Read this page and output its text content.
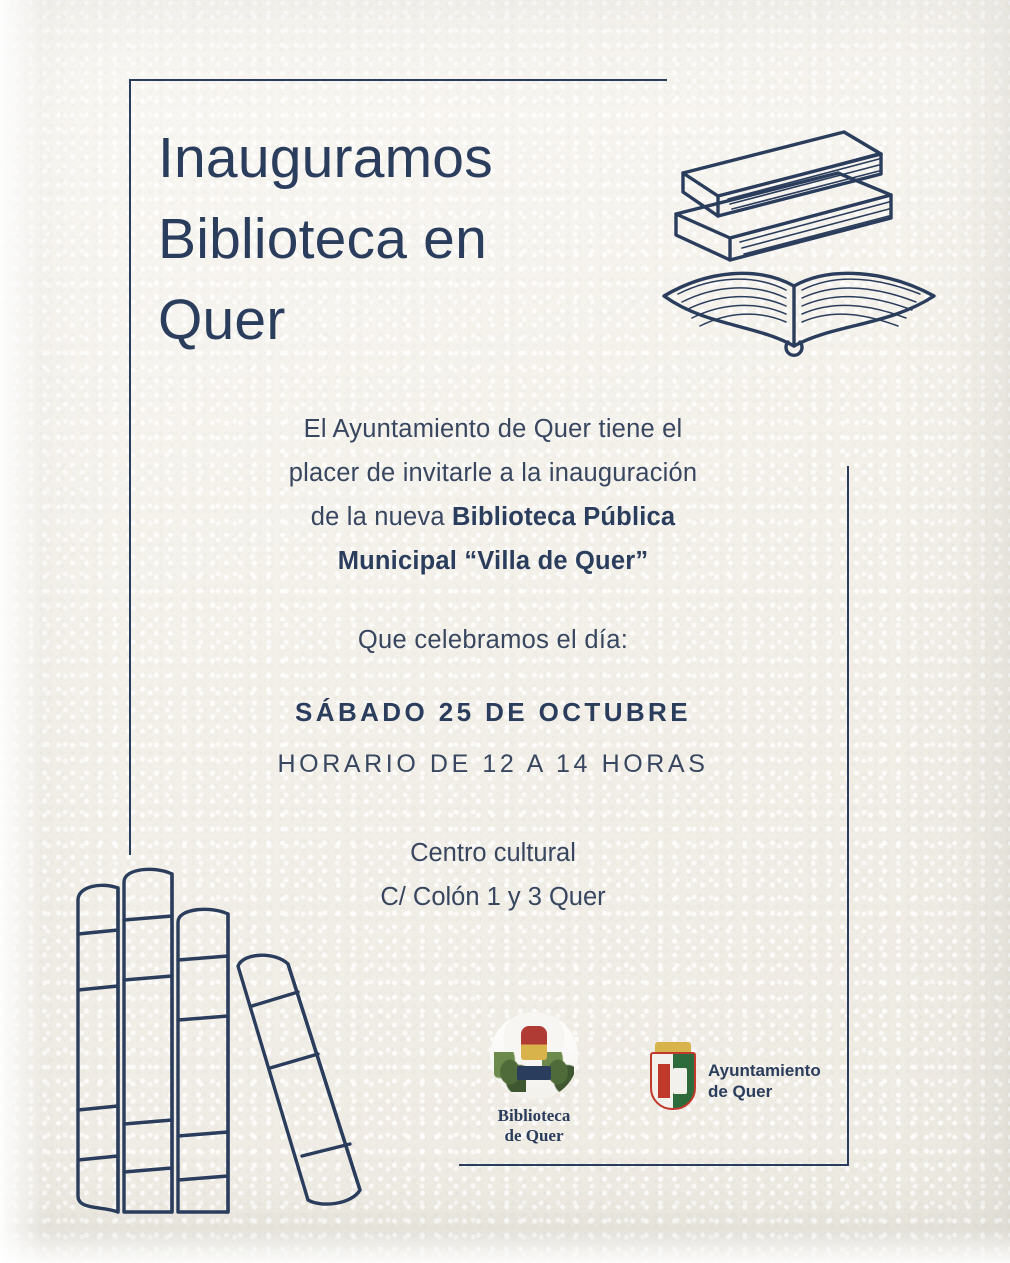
Inauguramos
Biblioteca en
Quer
El Ayuntamiento de Quer tiene el
placer de invitarle a la inauguración
de la nueva Biblioteca Pública
Municipal “Villa de Quer”
Que celebramos el día:
SÁBADO 25 DE OCTUBRE
HORARIO DE 12 A 14 HORAS
Centro cultural
C/ Colón 1 y 3 Quer
Biblioteca
de Quer
Ayuntamiento
de Quer
